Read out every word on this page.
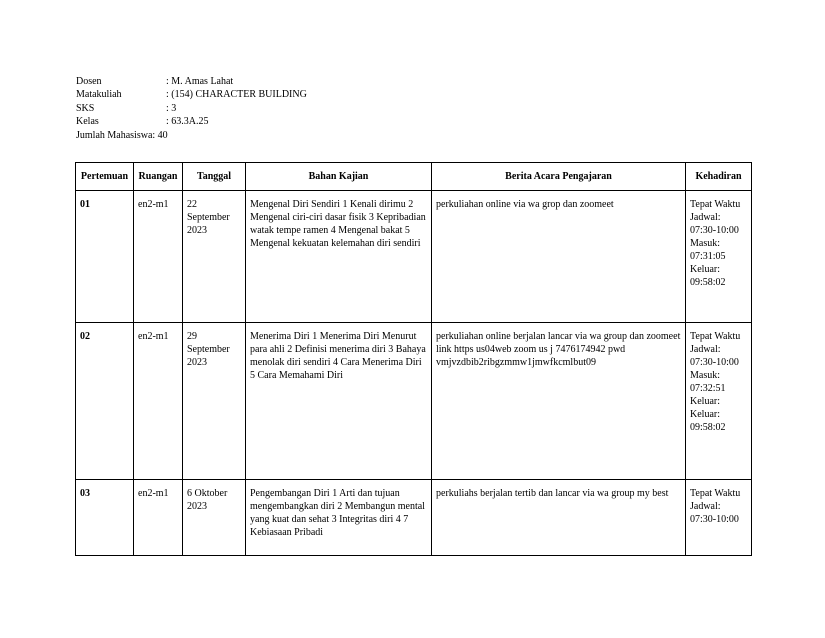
Dosen	: M. Amas Lahat
Matakuliah	: (154) CHARACTER BUILDING
SKS	: 3
Kelas	: 63.3A.25
Jumlah Mahasiswa : 40
Pertemuan	Ruangan	Tanggal	Bahan Kajian	Berita Acara Pengajaran	Kehadiran
01	en2-m1	22 September 2023	Mengenal Diri Sendiri 1 Kenali dirimu 2 Mengenal ciri-ciri dasar fisik 3 Kepribadian watak tempe ramen 4 Mengenal bakat 5 Mengenal kekuatan kelemahan diri sendiri	perkuliahan online via wa grop dan zoomeet	Tepat Waktu Jadwal: 07:30-10:00 Masuk: 07:31:05 Keluar: 09:58:02
02	en2-m1	29 September 2023	Menerima Diri 1 Menerima Diri Menurut para ahli 2 Definisi menerima diri 3 Bahaya menolak diri sendiri 4 Cara Menerima Diri 5 Cara Memahami Diri	perkuliahan online berjalan lancar via wa group dan zoomeet link https us04web zoom us j 7476174942 pwd vmjvzdbib2ribgzmmw1jmwfkcmlbut09	Tepat Waktu Jadwal: 07:30-10:00 Masuk: 07:32:51 Keluar: Keluar: 09:58:02
03	en2-m1	6 Oktober 2023	Pengembangan Diri 1 Arti dan tujuan mengembangkan diri 2 Membangun mental yang kuat dan sehat 3 Integritas diri 4 7 Kebiasaan Pribadi	perkuliahs berjalan tertib dan lancar via wa group my best	Tepat Waktu Jadwal: 07:30-10:00
